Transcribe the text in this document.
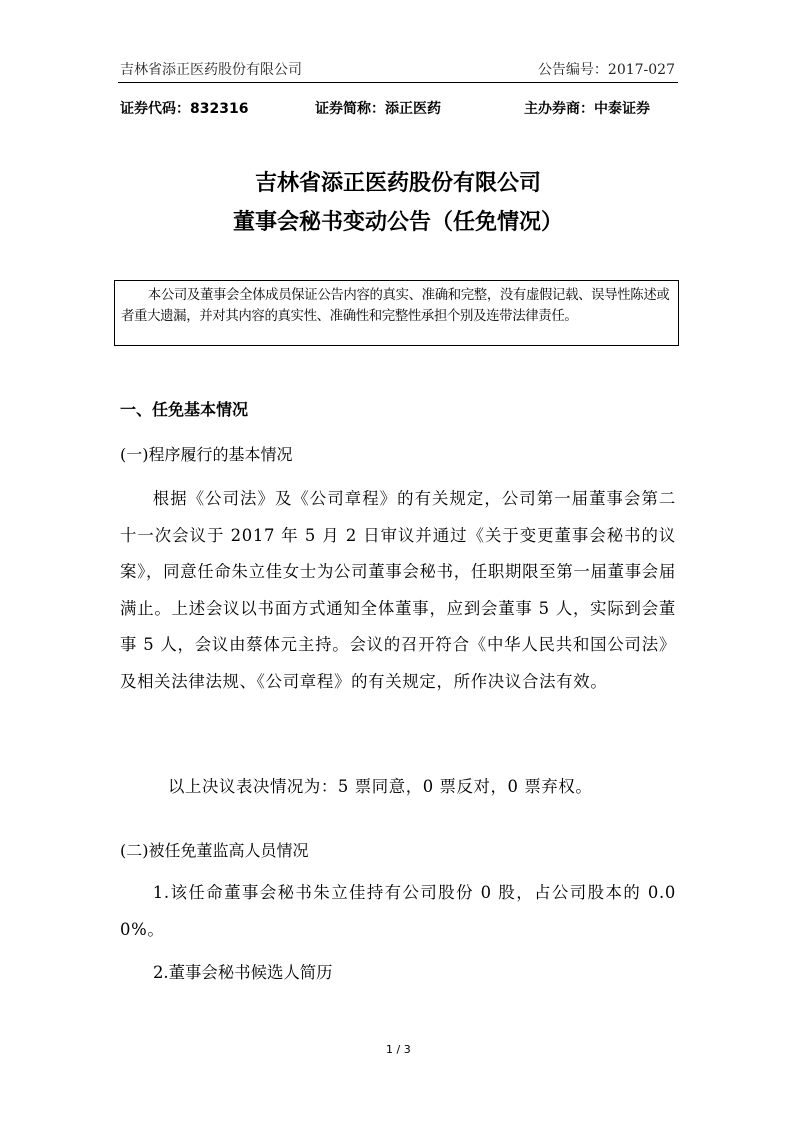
吉林省添正医药股份有限公司	公告编号：2017-027
证券代码：832316	证券简称：添正医药	主办券商：中泰证券
吉林省添正医药股份有限公司
董事会秘书变动公告（任免情况）
本公司及董事会全体成员保证公告内容的真实、准确和完整，没有虚假记载、误导性陈述或者重大遗漏，并对其内容的真实性、准确性和完整性承担个别及连带法律责任。
一、任免基本情况
(一)程序履行的基本情况
根据《公司法》及《公司章程》的有关规定，公司第一届董事会第二十一次会议于 2017 年 5 月 2 日审议并通过《关于变更董事会秘书的议案》，同意任命朱立佳女士为公司董事会秘书，任职期限至第一届董事会届满止。上述会议以书面方式通知全体董事，应到会董事 5 人，实际到会董事 5 人，会议由蔡体元主持。会议的召开符合《中华人民共和国公司法》及相关法律法规、《公司章程》的有关规定，所作决议合法有效。
以上决议表决情况为：5 票同意，0 票反对，0 票弃权。
(二)被任免董监高人员情况
1.该任命董事会秘书朱立佳持有公司股份 0 股，占公司股本的 0.00%。
2.董事会秘书候选人简历
1 / 3
